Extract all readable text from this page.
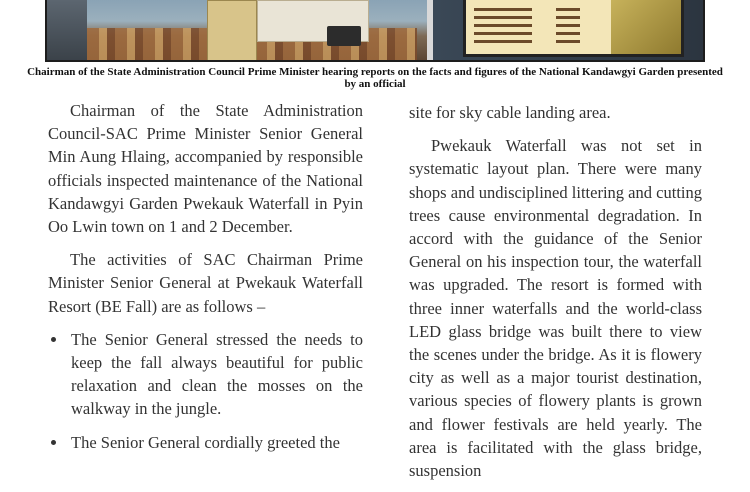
Chairman of the State Administration Council Prime Minister hearing reports on the facts and figures of the National Kandawgyi Garden presented by an official

Chairman of the State Administration Council-SAC Prime Minister Senior General Min Aung Hlaing, accompanied by responsible officials inspected maintenance of the National Kandawgyi Garden Pwekauk Waterfall in Pyin Oo Lwin town on 1 and 2 December.

The activities of SAC Chairman Prime Minister Senior General at Pwekauk Waterfall Resort (BE Fall) are as follows –

The Senior General stressed the needs to keep the fall always beautiful for public relaxation and clean the mosses on the walkway in the jungle.
The Senior General cordially greeted the

site for sky cable landing area.

Pwekauk Waterfall was not set in systematic layout plan. There were many shops and undisciplined littering and cutting trees cause environmental degradation. In accord with the guidance of the Senior General on his inspection tour, the waterfall was upgraded. The resort is formed with three inner waterfalls and the world-class LED glass bridge was built there to view the scenes under the bridge. As it is flowery city as well as a major tourist destination, various species of flowery plants is grown and flower festivals are held yearly. The area is facilitated with the glass bridge, suspension
